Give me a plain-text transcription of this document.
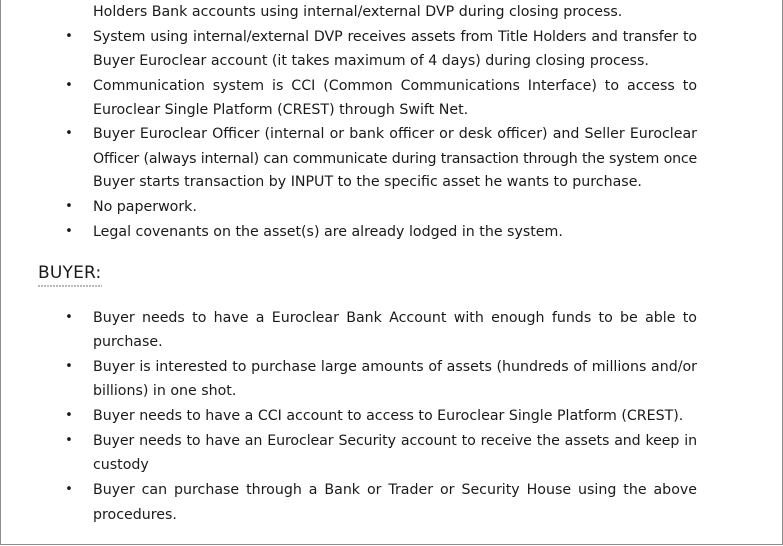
Holders Bank accounts using internal/external DVP during closing process.
• System using internal/external DVP receives assets from Title Holders and transfer to
Buyer Euroclear account (it takes maximum of 4 days) during closing process.
• Communication system is CCI (Common Communications Interface) to access to
Euroclear Single Platform (CREST) through Swift Net.
• Buyer Euroclear Officer (internal or bank officer or desk officer) and Seller Euroclear
Officer (always internal) can communicate during transaction through the system once
Buyer starts transaction by INPUT to the specific asset he wants to purchase.
• No paperwork.
• Legal covenants on the asset(s) are already lodged in the system.
BUYER:
• Buyer needs to have a Euroclear Bank Account with enough funds to be able to
purchase.
• Buyer is interested to purchase large amounts of assets (hundreds of millions and/or
billions) in one shot.
• Buyer needs to have a CCI account to access to Euroclear Single Platform (CREST).
• Buyer needs to have an Euroclear Security account to receive the assets and keep in
custody
• Buyer can purchase through a Bank or Trader or Security House using the above
procedures.
